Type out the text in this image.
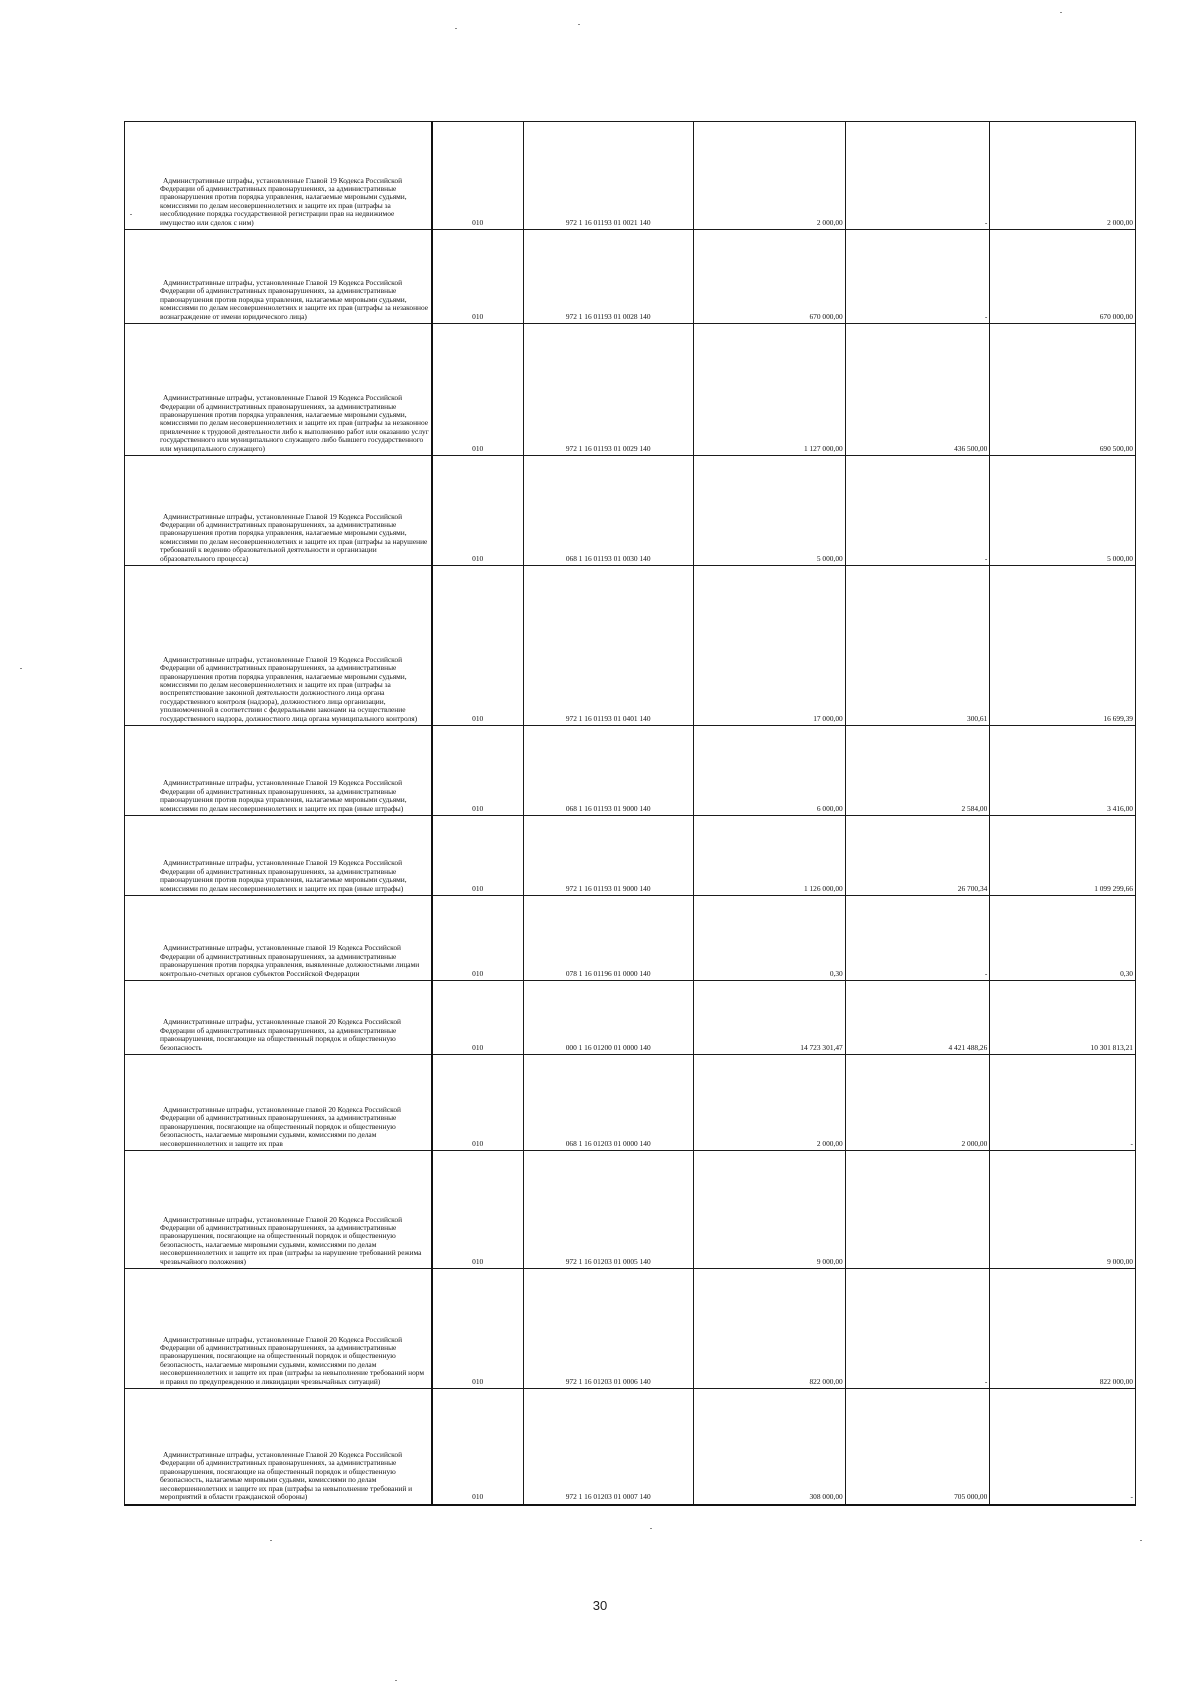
Административные штрафы, установленные Главой 19 Кодекса Российской Федерации об административных правонарушениях, за административные правонарушения против порядка управления, налагаемые мировыми судьями, комиссиями по делам несовершеннолетних и защите их прав (штрафы за несоблюдение порядка государственной регистрации прав на недвижимое имущество или сделок с ним)	010	972 1 16 01193 01 0021 140	2 000,00	-	2 000,00
Административные штрафы, установленные Главой 19 Кодекса Российской Федерации об административных правонарушениях, за административные правонарушения против порядка управления, налагаемые мировыми судьями, комиссиями по делам несовершеннолетних и защите их прав (штрафы за незаконное вознаграждение от имени юридического лица)	010	972 1 16 01193 01 0028 140	670 000,00	-	670 000,00
Административные штрафы, установленные Главой 19 Кодекса Российской Федерации об административных правонарушениях, за административные правонарушения против порядка управления, налагаемые мировыми судьями, комиссиями по делам несовершеннолетних и защите их прав (штрафы за незаконное привлечение к трудовой деятельности либо к выполнению работ или оказанию услуг государственного или муниципального служащего либо бывшего государственного или муниципального служащего)	010	972 1 16 01193 01 0029 140	1 127 000,00	436 500,00	690 500,00
Административные штрафы, установленные Главой 19 Кодекса Российской Федерации об административных правонарушениях, за административные правонарушения против порядка управления, налагаемые мировыми судьями, комиссиями по делам несовершеннолетних и защите их прав (штрафы за нарушение требований к ведению образовательной деятельности и организации образовательного процесса)	010	068 1 16 01193 01 0030 140	5 000,00	-	5 000,00
Административные штрафы, установленные Главой 19 Кодекса Российской Федерации об административных правонарушениях, за административные правонарушения против порядка управления, налагаемые мировыми судьями, комиссиями по делам несовершеннолетних и защите их прав (штрафы за воспрепятствование законной деятельности должностного лица органа государственного контроля (надзора), должностного лица организации, уполномоченной в соответствии с федеральными законами на осуществление государственного надзора, должностного лица органа муниципального контроля)	010	972 1 16 01193 01 0401 140	17 000,00	300,61	16 699,39
Административные штрафы, установленные Главой 19 Кодекса Российской Федерации об административных правонарушениях, за административные правонарушения против порядка управления, налагаемые мировыми судьями, комиссиями по делам несовершеннолетних и защите их прав (иные штрафы)	010	068 1 16 01193 01 9000 140	6 000,00	2 584,00	3 416,00
Административные штрафы, установленные Главой 19 Кодекса Российской Федерации об административных правонарушениях, за административные правонарушения против порядка управления, налагаемые мировыми судьями, комиссиями по делам несовершеннолетних и защите их прав (иные штрафы)	010	972 1 16 01193 01 9000 140	1 126 000,00	26 700,34	1 099 299,66
Административные штрафы, установленные главой 19 Кодекса Российской Федерации об административных правонарушениях, за административные правонарушения против порядка управления, выявленные должностными лицами контрольно-счетных органов субъектов Российской Федерации	010	078 1 16 01196 01 0000 140	0,30	-	0,30
Административные штрафы, установленные главой 20 Кодекса Российской Федерации об административных правонарушениях, за административные правонарушения, посягающие на общественный порядок и общественную безопасность	010	000 1 16 01200 01 0000 140	14 723 301,47	4 421 488,26	10 301 813,21
Административные штрафы, установленные главой 20 Кодекса Российской Федерации об административных правонарушениях, за административные правонарушения, посягающие на общественный порядок и общественную безопасность, налагаемые мировыми судьями, комиссиями по делам несовершеннолетних и защите их прав	010	068 1 16 01203 01 0000 140	2 000,00	2 000,00	-
Административные штрафы, установленные Главой 20 Кодекса Российской Федерации об административных правонарушениях, за административные правонарушения, посягающие на общественный порядок и общественную безопасность, налагаемые мировыми судьями, комиссиями по делам несовершеннолетних и защите их прав (штрафы за нарушение требований режима чрезвычайного положения)	010	972 1 16 01203 01 0005 140	9 000,00		9 000,00
Административные штрафы, установленные Главой 20 Кодекса Российской Федерации об административных правонарушениях, за административные правонарушения, посягающие на общественный порядок и общественную безопасность, налагаемые мировыми судьями, комиссиями по делам несовершеннолетних и защите их прав (штрафы за невыполнение требований норм и правил по предупреждению и ликвидации чрезвычайных ситуаций)	010	972 1 16 01203 01 0006 140	822 000,00	-	822 000,00
Административные штрафы, установленные Главой 20 Кодекса Российской Федерации об административных правонарушениях, за административные правонарушения, посягающие на общественный порядок и общественную безопасность, налагаемые мировыми судьями, комиссиями по делам несовершеннолетних и защите их прав (штрафы за невыполнение требований и мероприятий в области гражданской обороны)	010	972 1 16 01203 01 0007 140	308 000,00	705 000,00	-
30
